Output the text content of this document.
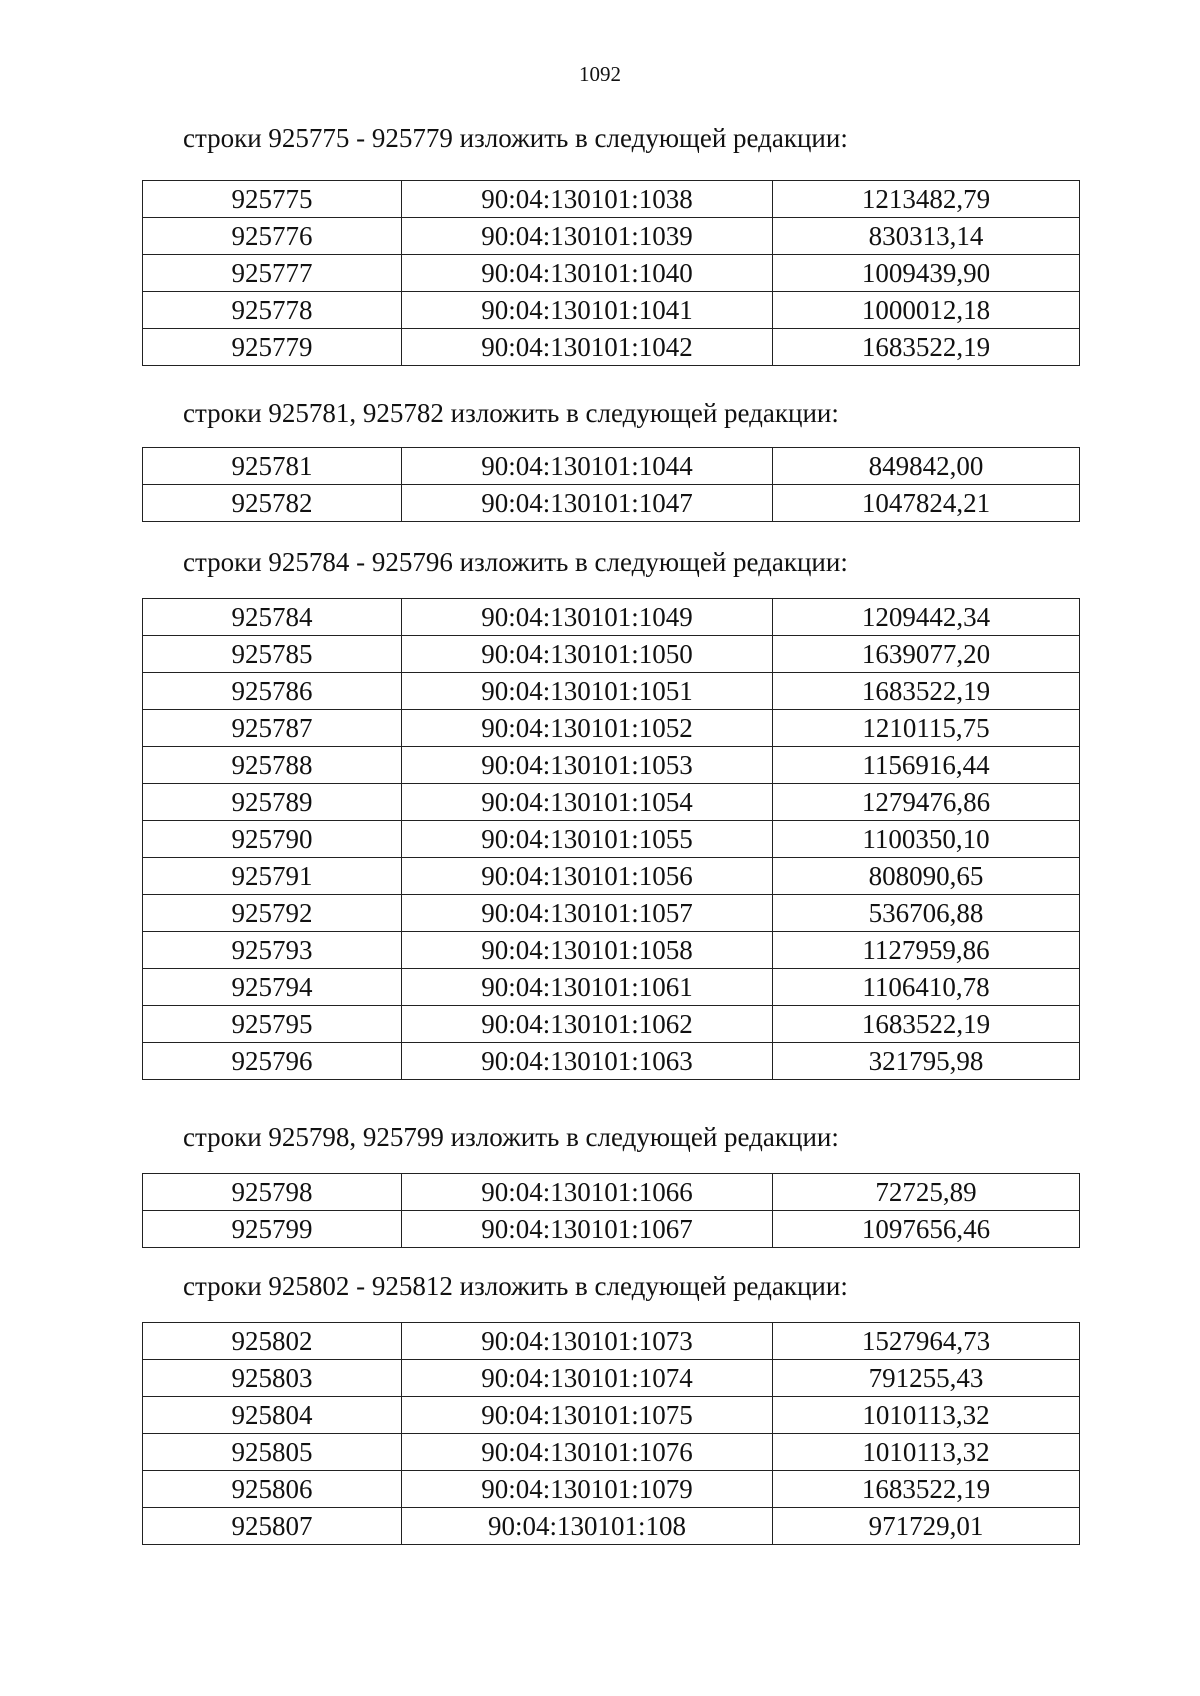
1092
строки 925775 - 925779 изложить в следующей редакции:
925775	90:04:130101:1038	1213482,79
925776	90:04:130101:1039	830313,14
925777	90:04:130101:1040	1009439,90
925778	90:04:130101:1041	1000012,18
925779	90:04:130101:1042	1683522,19
строки 925781, 925782 изложить в следующей редакции:
925781	90:04:130101:1044	849842,00
925782	90:04:130101:1047	1047824,21
строки 925784 - 925796 изложить в следующей редакции:
925784	90:04:130101:1049	1209442,34
925785	90:04:130101:1050	1639077,20
925786	90:04:130101:1051	1683522,19
925787	90:04:130101:1052	1210115,75
925788	90:04:130101:1053	1156916,44
925789	90:04:130101:1054	1279476,86
925790	90:04:130101:1055	1100350,10
925791	90:04:130101:1056	808090,65
925792	90:04:130101:1057	536706,88
925793	90:04:130101:1058	1127959,86
925794	90:04:130101:1061	1106410,78
925795	90:04:130101:1062	1683522,19
925796	90:04:130101:1063	321795,98
строки 925798, 925799 изложить в следующей редакции:
925798	90:04:130101:1066	72725,89
925799	90:04:130101:1067	1097656,46
строки 925802 - 925812 изложить в следующей редакции:
925802	90:04:130101:1073	1527964,73
925803	90:04:130101:1074	791255,43
925804	90:04:130101:1075	1010113,32
925805	90:04:130101:1076	1010113,32
925806	90:04:130101:1079	1683522,19
925807	90:04:130101:108	971729,01
